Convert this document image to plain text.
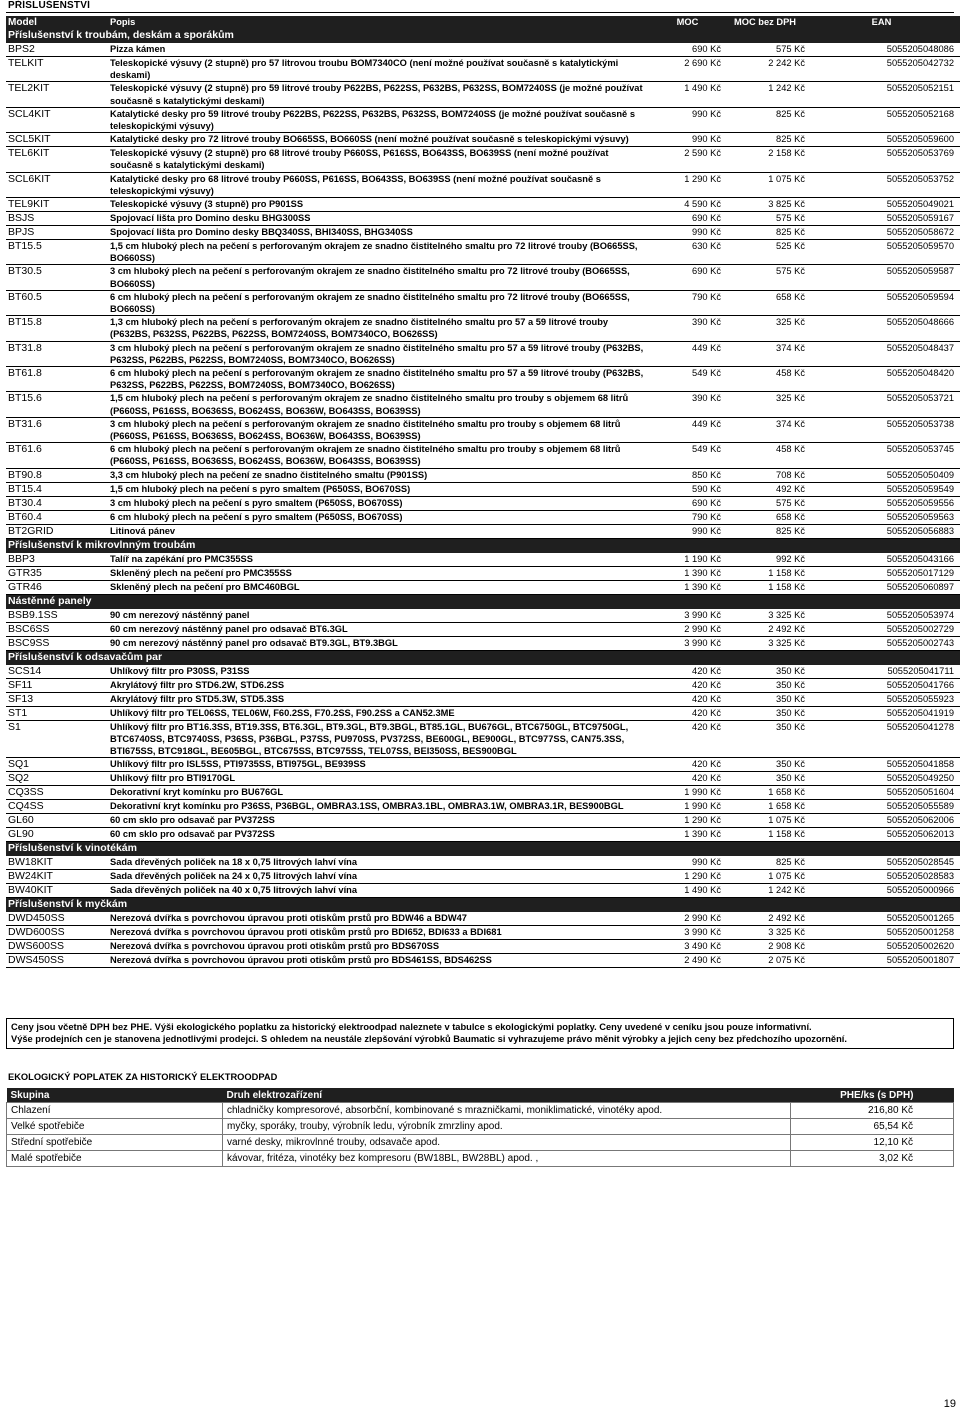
PŘÍSLUŠENSTVÍ
Model	Popis	MOC	MOC bez DPH	EAN
Příslušenství k troubám, deskám a sporákům				
BPS2	Pizza kámen	690 Kč	575 Kč	5055205048086
TELKIT	Teleskopické výsuvy (2 stupně) pro 57 litrovou troubu BOM7340CO (není možné používat současně s katalytickými deskami)	2 690 Kč	2 242 Kč	5055205042732
TEL2KIT	Teleskopické výsuvy (2 stupně) pro 59 litrové trouby P622BS, P622SS, P632BS, P632SS, BOM7240SS (je možné používat současně s katalytickými deskami)	1 490 Kč	1 242 Kč	5055205052151
SCL4KIT	Katalytické desky pro 59 litrové trouby P622BS, P622SS, P632BS, P632SS, BOM7240SS (je možné používat současně s teleskopickými výsuvy)	990 Kč	825 Kč	5055205052168
SCL5KIT	Katalytické desky pro 72 litrové trouby BO665SS, BO660SS (není možné používat současně s teleskopickými výsuvy)	990 Kč	825 Kč	5055205059600
TEL6KIT	Teleskopické výsuvy (2 stupně) pro 68 litrové trouby P660SS, P616SS, BO643SS, BO639SS (není možné používat současně s katalytickými deskami)	2 590 Kč	2 158 Kč	5055205053769
SCL6KIT	Katalytické desky pro 68 litrové trouby P660SS, P616SS, BO643SS, BO639SS (není možné používat současně s teleskopickými výsuvy)	1 290 Kč	1 075 Kč	5055205053752
TEL9KIT	Teleskopické výsuvy (3 stupně) pro P901SS	4 590 Kč	3 825 Kč	5055205049021
BSJS	Spojovací lišta pro Domino desku BHG300SS	690 Kč	575 Kč	5055205059167
BPJS	Spojovací lišta pro Domino desky BBQ340SS, BHI340SS, BHG340SS	990 Kč	825 Kč	5055205058672
BT15.5	1,5 cm hluboký plech na pečení s perforovaným okrajem ze snadno čistitelného smaltu pro 72 litrové trouby (BO665SS, BO660SS)	630 Kč	525 Kč	5055205059570
BT30.5	3 cm hluboký plech na pečení s perforovaným okrajem ze snadno čistitelného smaltu pro 72 litrové trouby (BO665SS, BO660SS)	690 Kč	575 Kč	5055205059587
BT60.5	6 cm hluboký plech na pečení s perforovaným okrajem ze snadno čistitelného smaltu pro 72 litrové trouby (BO665SS, BO660SS)	790 Kč	658 Kč	5055205059594
BT15.8	1,3 cm hluboký plech na pečení s perforovaným okrajem ze snadno čistitelného smaltu pro 57 a 59 litrové trouby (P632BS, P632SS, P622BS, P622SS, BOM7240SS, BOM7340CO, BO626SS)	390 Kč	325 Kč	5055205048666
BT31.8	3 cm hluboký plech na pečení s perforovaným okrajem ze snadno čistitelného smaltu pro 57 a 59 litrové trouby (P632BS, P632SS, P622BS, P622SS, BOM7240SS, BOM7340CO, BO626SS)	449 Kč	374 Kč	5055205048437
BT61.8	6 cm hluboký plech na pečení s perforovaným okrajem ze snadno čistitelného smaltu pro 57 a 59 litrové trouby (P632BS, P632SS, P622BS, P622SS, BOM7240SS, BOM7340CO, BO626SS)	549 Kč	458 Kč	5055205048420
BT15.6	1,5 cm hluboký plech na pečení s perforovaným okrajem ze snadno čistitelného smaltu pro trouby s objemem 68 litrů (P660SS, P616SS, BO636SS, BO624SS, BO636W, BO643SS, BO639SS)	390 Kč	325 Kč	5055205053721
BT31.6	3 cm hluboký plech na pečení s perforovaným okrajem ze snadno čistitelného smaltu pro trouby s objemem 68 litrů (P660SS, P616SS, BO636SS, BO624SS, BO636W, BO643SS, BO639SS)	449 Kč	374 Kč	5055205053738
BT61.6	6 cm hluboký plech na pečení s perforovaným okrajem ze snadno čistitelného smaltu pro trouby s objemem 68 litrů (P660SS, P616SS, BO636SS, BO624SS, BO636W, BO643SS, BO639SS)	549 Kč	458 Kč	5055205053745
BT90.8	3,3 cm hluboký plech na pečení ze snadno čistitelného smaltu (P901SS)	850 Kč	708 Kč	5055205050409
BT15.4	1,5 cm hluboký plech na pečení s pyro smaltem (P650SS, BO670SS)	590 Kč	492 Kč	5055205059549
BT30.4	3 cm hluboký plech na pečení s pyro smaltem (P650SS, BO670SS)	690 Kč	575 Kč	5055205059556
BT60.4	6 cm hluboký plech na pečení s pyro smaltem (P650SS, BO670SS)	790 Kč	658 Kč	5055205059563
BT2GRID	Litinová pánev	990 Kč	825 Kč	5055205056883
Příslušenství k mikrovlnným troubám				
BBP3	Talíř na zapékání pro PMC355SS	1 190 Kč	992 Kč	5055205043166
GTR35	Skleněný plech na pečení pro PMC355SS	1 390 Kč	1 158 Kč	5055205017129
GTR46	Skleněný plech na pečení pro BMC460BGL	1 390 Kč	1 158 Kč	5055205060897
Nástěnné panely				
BSB9.1SS	90 cm nerezový nástěnný panel	3 990 Kč	3 325 Kč	5055205053974
BSC6SS	60 cm nerezový nástěnný panel pro odsavač BT6.3GL	2 990 Kč	2 492 Kč	5055205002729
BSC9SS	90 cm nerezový nástěnný panel pro odsavač BT9.3GL, BT9.3BGL	3 990 Kč	3 325 Kč	5055205002743
Příslušenství k odsavačům par				
SCS14	Uhlíkový filtr pro P30SS, P31SS	420 Kč	350 Kč	5055205041711
SF11	Akrylátový filtr pro STD6.2W, STD6.2SS	420 Kč	350 Kč	5055205041766
SF13	Akrylátový filtr pro STD5.3W, STD5.3SS	420 Kč	350 Kč	5055205055923
ST1	Uhlíkový filtr pro TEL06SS, TEL06W, F60.2SS, F70.2SS, F90.2SS a CAN52.3ME	420 Kč	350 Kč	5055205041919
S1	Uhlíkový filtr pro BT16.3SS, BT19.3SS, BT6.3GL, BT9.3GL, BT9.3BGL, BT85.1GL, BU676GL, BTC6750GL, BTC9750GL, BTC6740SS, BTC9740SS, P36SS, P36BGL, P37SS, PU970SS, PV372SS, BE600GL, BE900GL, BTC977SS, CAN75.3SS, BTI675SS, BTC918GL, BE605BGL, BTC675SS, BTC975SS, TEL07SS, BEI350SS, BES900BGL	420 Kč	350 Kč	5055205041278
SQ1	Uhlíkový filtr pro ISL5SS, PTI9735SS, BTI975GL, BE939SS	420 Kč	350 Kč	5055205041858
SQ2	Uhlíkový filtr pro BTI9170GL	420 Kč	350 Kč	5055205049250
CQ3SS	Dekorativní kryt komínku pro BU676GL	1 990 Kč	1 658 Kč	5055205051604
CQ4SS	Dekorativní kryt komínku pro P36SS, P36BGL, OMBRA3.1SS, OMBRA3.1BL, OMBRA3.1W, OMBRA3.1R, BES900BGL	1 990 Kč	1 658 Kč	5055205055589
GL60	60 cm sklo pro odsavač par PV372SS	1 290 Kč	1 075 Kč	5055205062006
GL90	60 cm sklo pro odsavač par PV372SS	1 390 Kč	1 158 Kč	5055205062013
Příslušenství k vinotékám				
BW18KIT	Sada dřevěných poliček na 18 x 0,75 litrových lahví vína	990 Kč	825 Kč	5055205028545
BW24KIT	Sada dřevěných poliček na 24 x 0,75 litrových lahví vína	1 290 Kč	1 075 Kč	5055205028583
BW40KIT	Sada dřevěných poliček na 40 x 0,75 litrových lahví vína	1 490 Kč	1 242 Kč	5055205000966
Příslušenství k myčkám				
DWD450SS	Nerezová dvířka s povrchovou úpravou proti otiskům prstů pro BDW46 a BDW47	2 990 Kč	2 492 Kč	5055205001265
DWD600SS	Nerezová dvířka s povrchovou úpravou proti otiskům prstů pro BDI652, BDI633 a BDI681	3 990 Kč	3 325 Kč	5055205001258
DWS600SS	Nerezová dvířka s povrchovou úpravou proti otiskům prstů pro BDS670SS	3 490 Kč	2 908 Kč	5055205002620
DWS450SS	Nerezová dvířka s povrchovou úpravou proti otiskům prstů pro BDS461SS, BDS462SS	2 490 Kč	2 075 Kč	5055205001807
Ceny jsou včetně DPH bez PHE. Výši ekologického poplatku za historický elektroodpad naleznete v tabulce s ekologickými poplatky. Ceny uvedené v ceníku jsou pouze informativní.
Výše prodejních cen je stanovena jednotlivými prodejci. S ohledem na neustále zlepšování výrobků Baumatic si vyhrazujeme právo měnit výrobky a jejich ceny bez předchozího upozornění.
EKOLOGICKÝ POPLATEK ZA HISTORICKÝ ELEKTROODPAD
Skupina	Druh elektrozařízení	PHE/ks (s DPH)
Chlazení	chladničky kompresorové, absorbční, kombinované s mrazničkami, moniklimatické, vinotéky apod.	216,80 Kč
Velké spotřebiče	myčky, sporáky, trouby, výrobník ledu, výrobník zmrzliny apod.	65,54 Kč
Střední spotřebiče	varné desky, mikrovlnné trouby, odsavače apod.	12,10 Kč
Malé spotřebiče	kávovar, fritéza, vinotéky bez kompresoru (BW18BL, BW28BL) apod. ,	3,02 Kč
19
